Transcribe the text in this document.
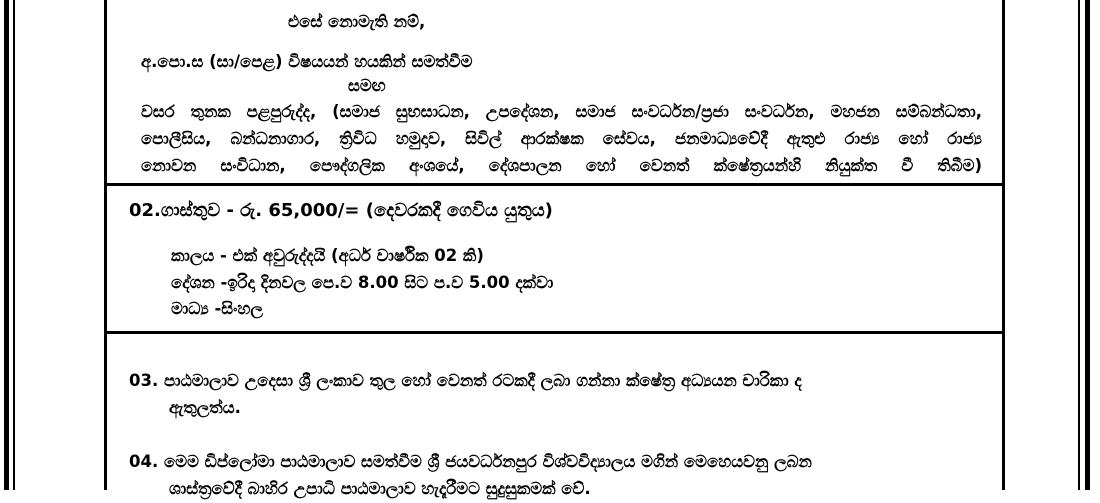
එසේ නොමැති නම්,
අ.පො.ස (සා/පෙළ) විෂයයන් හයකින් සමත්වීම
සමඟ
වසර තුනක පළපුරුද්ද, (සමාජ සුභසාධන, උපදේශන, සමාජ සංවර්ධන/ප්‍රජා සංවර්ධන, මහජන සම්බන්ධතා,
පොලීසිය, බන්ධනාගාර, ත්‍රිවිධ හමුදාව, සිවිල් ආරක්ෂක සේවය, ජනමාධ්‍යවේදී ඇතුළු රාජ්‍ය හෝ රාජ්‍ය
නොවන සංවිධාන, පෞද්ගලික අංශයේ, දේශපාලන හෝ වෙනත් ක්ෂේත්‍රයන්හි නියුක්ත වී තිබීම)
02.ගාස්තුව - රු. 65,000/= (දෙවරකදී ගෙවිය යුතුය)
කාලය - එක් අවුරුද්දයි (අර්ධ වාර්ෂික 02 කි)
දේශන -ඉරිදා දිනවල පෙ.ව 8.00 සිට ප.ව 5.00 දක්වා
මාධ්‍ය -සිංහල
03. පාඨමාලාව උදෙසා ශ්‍රී ලංකාව තුල හෝ වෙනත් රටකදී ලබා ගන්නා ක්ෂේත්‍ර අධ්‍යයන චාරිකා ද
ඇතුලත්ය.
04. මෙම ඩිප්ලෝමා පාඨමාලාව සමත්වීම ශ්‍රී ජයවර්ධනපුර විශ්වවිද්‍යාලය මගින් මෙහෙයවනු ලබන
ශාස්ත්‍රවේදී බාහිර උපාධි පාඨමාලාව හැදෑරීමට සුදුසුකමක් වේ.
